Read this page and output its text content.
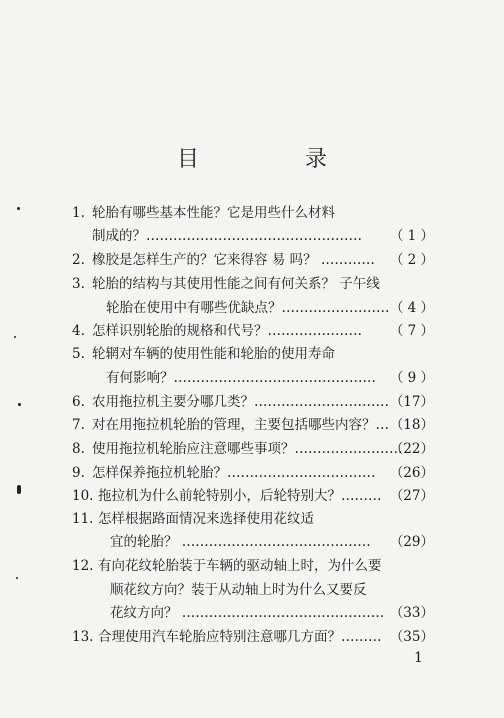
目　录
1. 轮胎有哪些基本性能？它是用些什么材料
制成的？………………………………………… （ 1 ）
2. 橡胶是怎样生产的？它来得容 易 吗？ ………… （ 2 ）
3. 轮胎的结构与其使用性能之间有何关系？ 子午线
轮胎在使用中有哪些优缺点？…………………… （ 4 ）
4. 怎样识别轮胎的规格和代号？………………… （ 7 ）
5. 轮辋对车辆的使用性能和轮胎的使用寿命
有何影响？……………………………………… （ 9 ）
6. 农用拖拉机主要分哪几类？………………………… （17）
7. 对在用拖拉机轮胎的管理，主要包括哪些内容？… （18）
8. 使用拖拉机轮胎应注意哪些事项？……………………
（22）
9. 怎样保养拖拉机轮胎？…………………………… （26）
10. 拖拉机为什么前轮特别小，后轮特别大？……… （27）
11. 怎样根据路面情况来选择使用花纹适
宜的轮胎？ …………………………………… （29）
12. 有向花纹轮胎装于车辆的驱动轴上时，为什么要
顺花纹方向？装于从动轴上时为什么又要反
花纹方向？ ……………………………………… （33）
13. 合理使用汽车轮胎应特别注意哪几方面？……… （35）
1
